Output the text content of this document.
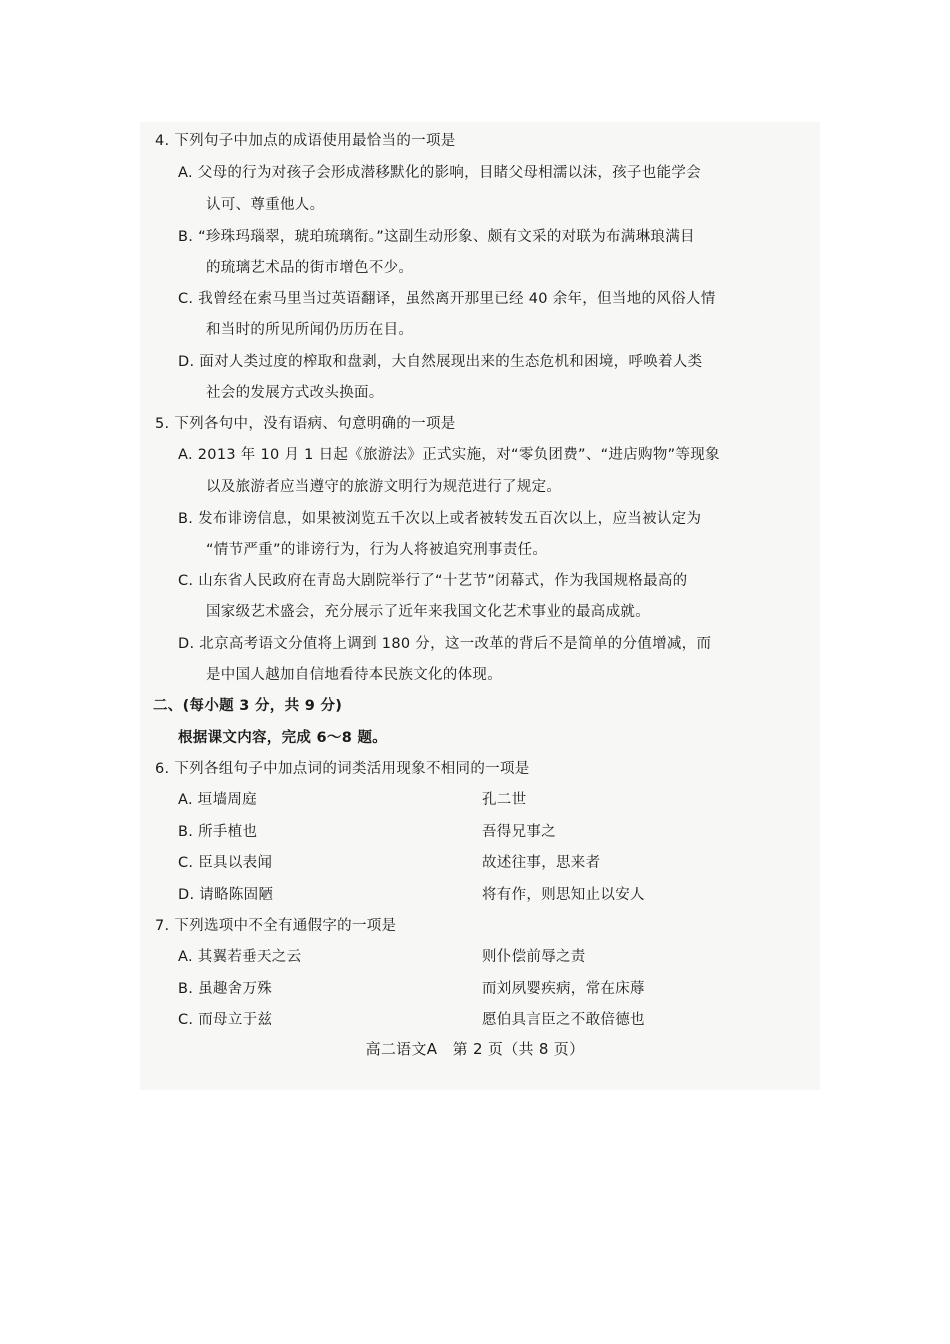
4. 下列句子中加点的成语使用最恰当的一项是
A. 父母的行为对孩子会形成潜移默化的影响，目睹父母相濡以沫，孩子也能学会
认可、尊重他人。
B. “珍珠玛瑙翠，琥珀琉璃衔。”这副生动形象、颇有文采的对联为布满琳琅满目
的琉璃艺术品的街市增色不少。
C. 我曾经在索马里当过英语翻译，虽然离开那里已经 40 余年，但当地的风俗人情
和当时的所见所闻仍历历在目。
D. 面对人类过度的榨取和盘剥，大自然展现出来的生态危机和困境，呼唤着人类
社会的发展方式改头换面。
5. 下列各句中，没有语病、句意明确的一项是
A. 2013 年 10 月 1 日起《旅游法》正式实施，对“零负团费”、“进店购物”等现象
以及旅游者应当遵守的旅游文明行为规范进行了规定。
B. 发布诽谤信息，如果被浏览五千次以上或者被转发五百次以上，应当被认定为
“情节严重”的诽谤行为，行为人将被追究刑事责任。
C. 山东省人民政府在青岛大剧院举行了“十艺节”闭幕式，作为我国规格最高的
国家级艺术盛会，充分展示了近年来我国文化艺术事业的最高成就。
D. 北京高考语文分值将上调到 180 分，这一改革的背后不是简单的分值增减，而
是中国人越加自信地看待本民族文化的体现。
二、(每小题 3 分，共 9 分)
根据课文内容，完成 6～8 题。
6. 下列各组句子中加点词的词类活用现象不相同的一项是
A. 垣墙周庭	孔二世
B. 所手植也	吾得兄事之
C. 臣具以表闻	故述往事，思来者
D. 请略陈固陋	将有作，则思知止以安人
7. 下列选项中不全有通假字的一项是
A. 其翼若垂天之云	则仆偿前辱之责
B. 虽趣舍万殊	而刘夙婴疾病，常在床蓐
C. 而母立于兹	愿伯具言臣之不敢倍德也
高二语文A　第 2 页（共 8 页）
